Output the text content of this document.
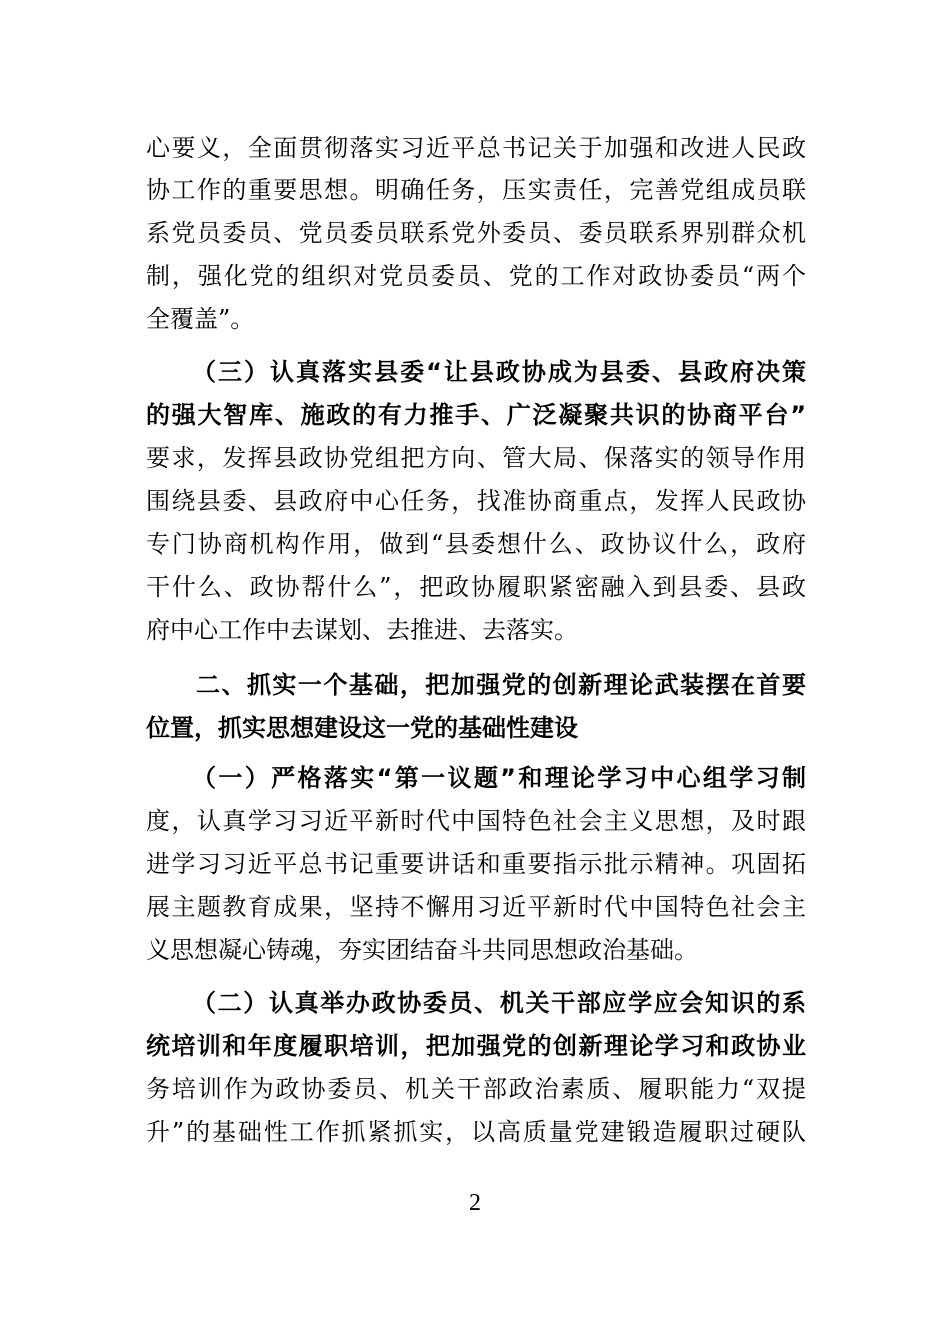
心要义，全面贯彻落实习近平总书记关于加强和改进人民政
协工作的重要思想。明确任务，压实责任，完善党组成员联
系党员委员、党员委员联系党外委员、委员联系界别群众机
制，强化党的组织对党员委员、党的工作对政协委员“两个
全覆盖”。
（三）认真落实县委“让县政协成为县委、县政府决策
的强大智库、施政的有力推手、广泛凝聚共识的协商平台”
要求，发挥县政协党组把方向、管大局、保落实的领导作用
围绕县委、县政府中心任务，找准协商重点，发挥人民政协
专门协商机构作用，做到“县委想什么、政协议什么，政府
干什么、政协帮什么”，把政协履职紧密融入到县委、县政
府中心工作中去谋划、去推进、去落实。
二、抓实一个基础，把加强党的创新理论武装摆在首要
位置，抓实思想建设这一党的基础性建设
（一）严格落实“第一议题”和理论学习中心组学习制
度，认真学习习近平新时代中国特色社会主义思想，及时跟
进学习习近平总书记重要讲话和重要指示批示精神。巩固拓
展主题教育成果，坚持不懈用习近平新时代中国特色社会主
义思想凝心铸魂，夯实团结奋斗共同思想政治基础。
（二）认真举办政协委员、机关干部应学应会知识的系
统培训和年度履职培训，把加强党的创新理论学习和政协业
务培训作为政协委员、机关干部政治素质、履职能力“双提
升”的基础性工作抓紧抓实，以高质量党建锻造履职过硬队
2
